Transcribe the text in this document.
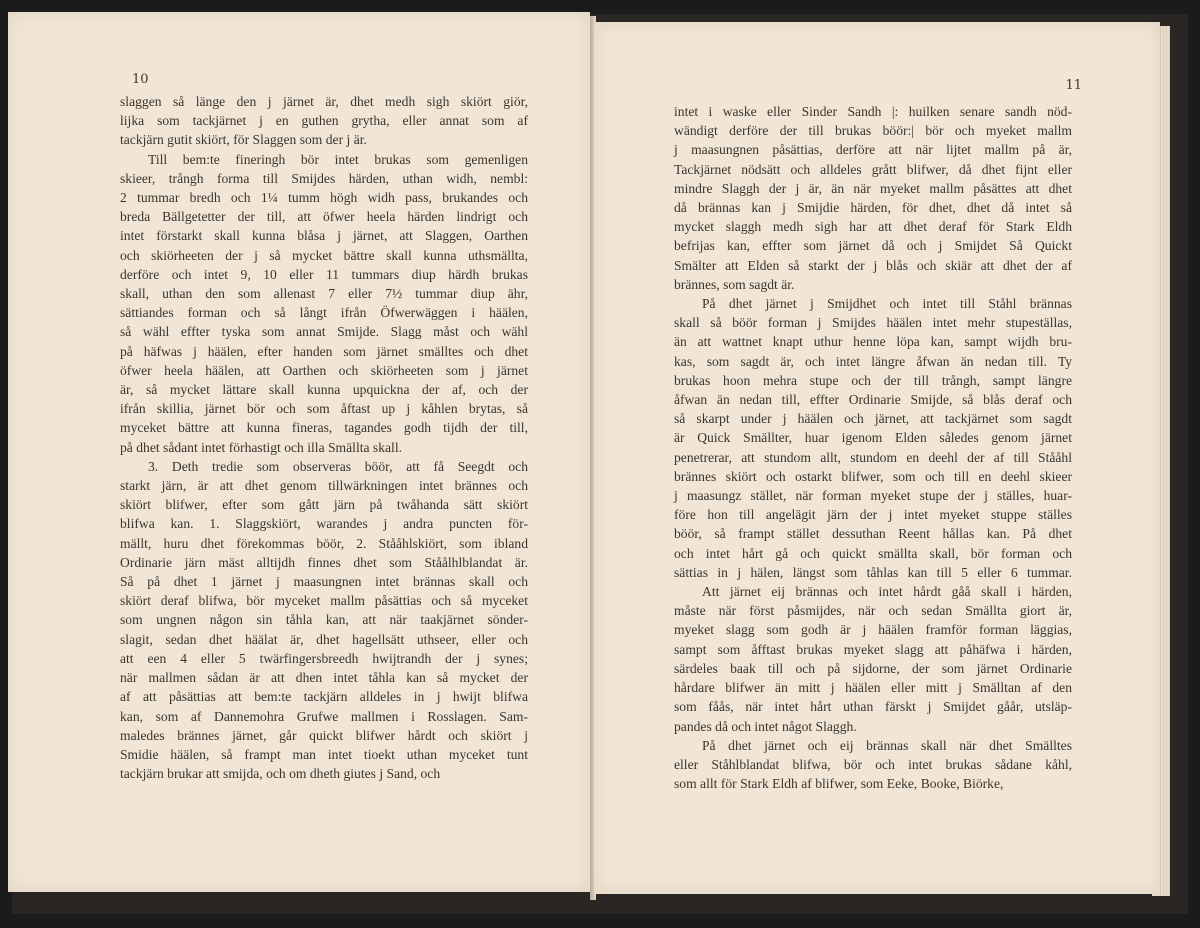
10
slaggen så länge den j järnet är, dhet medh sigh skiört giör,
lijka som tackjärnet j en guthen grytha, eller annat som af
tackjärn gutit skiört, för Slaggen som der j är.
Till bem:te fineringh bör intet brukas som gemenligen
skieer, trångh forma till Smijdes härden, uthan widh, nembl:
2 tummar bredh och 1¼ tumm högh widh pass, brukandes och
breda Bällgetetter der till, att öfwer heela härden lindrigt och
intet förstarkt skall kunna blåsa j järnet, att Slaggen, Oarthen
och skiörheeten der j så mycket bättre skall kunna uthsmällta,
derföre och intet 9, 10 eller 11 tummars diup härdh brukas
skall, uthan den som allenast 7 eller 7½ tummar diup ähr,
sättiandes forman och så långt ifrån Öfwerwäggen i häälen,
så wähl effter tyska som annat Smijde. Slagg måst och wähl
på häfwas j häälen, efter handen som järnet smälltes och dhet
öfwer heela häälen, att Oarthen och skiörheeten som j järnet
är, så mycket lättare skall kunna upquickna der af, och der
ifrån skillia, järnet bör och som åftast up j kåhlen brytas, så
myceket bättre att kunna fineras, tagandes godh tijdh der till,
på dhet sådant intet förhastigt och illa Smällta skall.
3. Deth tredie som observeras böör, att få Seegdt och
starkt järn, är att dhet genom tillwärkningen intet brännes och
skiört blifwer, efter som gått järn på twåhanda sätt skiört
blifwa kan. 1. Slaggskiört, warandes j andra puncten för-
mällt, huru dhet förekommas böör, 2. Stååhlskiört, som ibland
Ordinarie järn mäst alltijdh finnes dhet som Ståålhlblandat är.
Så på dhet 1 järnet j maasungnen intet brännas skall och
skiört deraf blifwa, bör myceket mallm påsättias och så myceket
som ungnen någon sin tåhla kan, att när taakjärnet sönder-
slagit, sedan dhet häälat är, dhet hagellsätt uthseer, eller och
att een 4 eller 5 twärfingersbreedh hwijtrandh der j synes;
när mallmen sådan är att dhen intet tåhla kan så mycket der
af att påsättias att bem:te tackjärn alldeles in j hwijt blifwa
kan, som af Dannemohra Grufwe mallmen i Rosslagen. Sam-
maledes brännes järnet, går quickt blifwer hårdt och skiört j
Smidie häälen, så frampt man intet tioekt uthan myceket tunt
tackjärn brukar att smijda, och om dheth giutes j Sand, och
11
intet i waske eller Sinder Sandh |: huilken senare sandh nöd-
wändigt derföre der till brukas böör:| bör och myeket mallm
j maasungnen påsättias, derföre att när lijtet mallm på är,
Tackjärnet nödsätt och alldeles grått blifwer, då dhet fijnt eller
mindre Slaggh der j är, än när myeket mallm påsättes att dhet
då brännas kan j Smijdie härden, för dhet, dhet då intet så
mycket slaggh medh sigh har att dhet deraf för Stark Eldh
befrijas kan, effter som järnet då och j Smijdet Så Quickt
Smälter att Elden så starkt der j blås och skiär att dhet der af
brännes, som sagdt är.
På dhet järnet j Smijdhet och intet till Ståhl brännas
skall så böör forman j Smijdes häälen intet mehr stupeställas,
än att wattnet knapt uthur henne löpa kan, sampt wijdh bru-
kas, som sagdt är, och intet längre åfwan än nedan till. Ty
brukas hoon mehra stupe och der till trångh, sampt längre
åfwan än nedan till, effter Ordinarie Smijde, så blås deraf och
så skarpt under j häälen och järnet, att tackjärnet som sagdt
är Quick Smällter, huar igenom Elden således genom järnet
penetrerar, att stundom allt, stundom en deehl der af till Stååhl
brännes skiört och ostarkt blifwer, som och till en deehl skieer
j maasungz stället, när forman myeket stupe der j ställes, huar-
före hon till angelägit järn der j intet myeket stuppe ställes
böör, så frampt stället dessuthan Reent hållas kan. På dhet
och intet hårt gå och quickt smällta skall, bör forman och
sättias in j hälen, längst som tåhlas kan till 5 eller 6 tummar.
Att järnet eij brännas och intet hårdt gåå skall i härden,
måste när först påsmijdes, när och sedan Smällta giort är,
myeket slagg som godh är j häälen framför forman läggias,
sampt som åfftast brukas myeket slagg att påhäfwa i härden,
särdeles baak till och på sijdorne, der som järnet Ordinarie
hårdare blifwer än mitt j häälen eller mitt j Smälltan af den
som fåås, när intet hårt uthan färskt j Smijdet gåår, utsläp-
pandes då och intet något Slaggh.
På dhet järnet och eij brännas skall när dhet Smälltes
eller Ståhlblandat blifwa, bör och intet brukas sådane kåhl,
som allt för Stark Eldh af blifwer, som Eeke, Booke, Biörke,
